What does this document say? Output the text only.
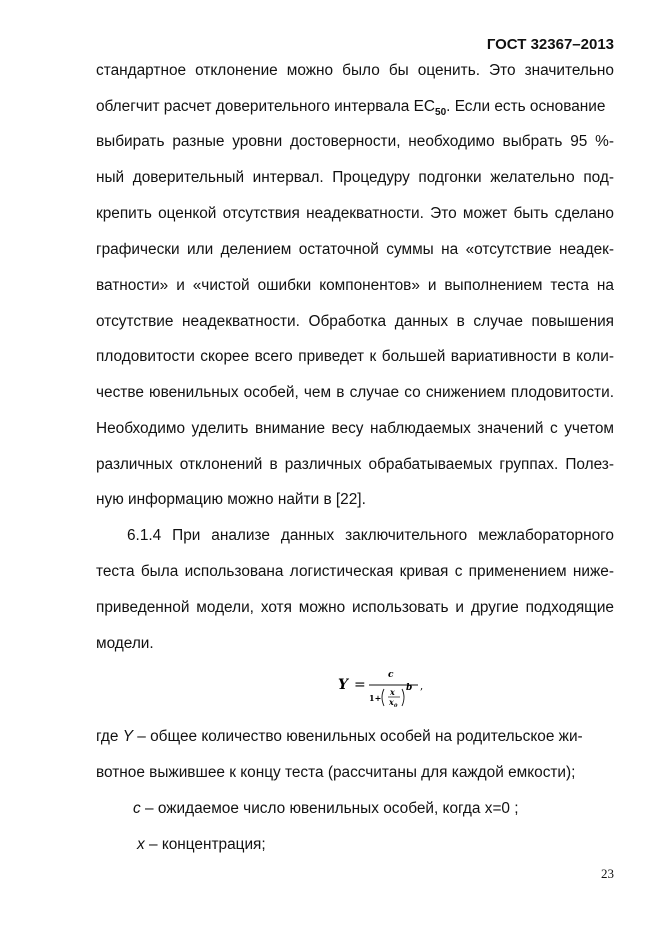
ГОСТ 32367–2013
стандартное отклонение можно было бы оценить. Это значительно
облегчит расчет доверительного интервала $EC_{50}$. Если есть основание
выбирать разные уровни достоверности, необходимо выбрать 95 %-
ный доверительный интервал. Процедуру подгонки желательно под-
крепить оценкой отсутствия неадекватности. Это может быть сделано
графически или делением остаточной суммы на «отсутствие неадек-
ватности» и «чистой ошибки компонентов» и выполнением теста на
отсутствие неадекватности. Обработка данных в случае повышения
плодовитости скорее всего приведет к большей вариативности в коли-
честве ювенильных особей, чем в случае со снижением плодовитости.
Необходимо уделить внимание весу наблюдаемых значений с учетом
различных отклонений в различных обрабатываемых группах. Полез-
ную информацию можно найти в [22].
6.1.4 При анализе данных заключительного межлабораторного
теста была использована логистическая кривая с применением ниже-
приведенной модели, хотя можно использовать и другие подходящие
модели.
Y =
c
1+
x
x 0
b ,
где Y – общее количество ювенильных особей на родительское жи-
вотное выжившее к концу теста (рассчитаны для каждой емкости);
c – ожидаемое число ювенильных особей, когда x=0 ;
x – концентрация;
23
